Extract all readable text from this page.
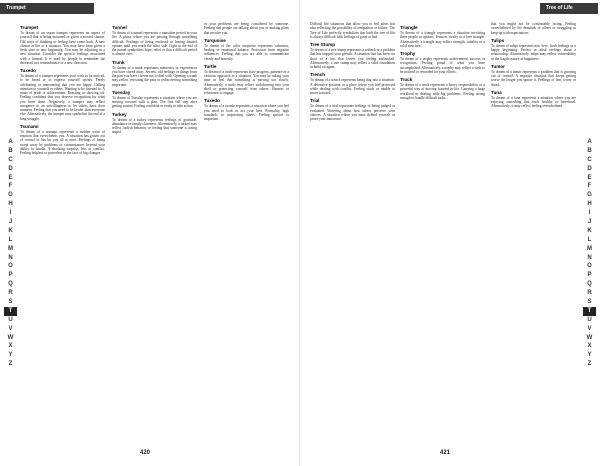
Trumpet
A
B
C
D
E
F
G
H
I
J
K
L
M
N
O
P
Q
R
S
T
U
V
W
X
Y
Z
Trumpet

To dream of an organ trumpet represents an aspect of yourself that is being mourned or given a second chance. Old ways of thinking or feeling have come back. A new chance at life or a situation. You may have been given a fresh start or new beginning. You may be adjusting to a new situation. Consider the specific feelings associated with a funeral. It is used by people to remember the deceased in a remembrance or a new direction.

Tuxedo

To dream of a trumpet represents your wish to be noticed, to be heard or to express yourself openly. Freely celebrating or announcing that you are happy. Calling attention to yourself or others. Wanting to be listened to. A sense of pride or achievement. Boasting or showing off. Feeling confident that you deserve recognition for what you have done. Negatively, a trumpet may reflect arrogance or an unwillingness to let others have their moment. Feeling that you need to be louder than everyone else. Alternatively, the trumpet may symbolize the end of a long struggle.

Tsunami

To dream of a tsunami represents a sudden wave of emotion that overwhelms you. A situation has gotten out of control or has hit you all at once. Feelings of being swept away by problems or circumstances beyond your ability to handle. A shocking surprise, loss or conflict. Feeling helpless or powerless in the face of big changes.

Tunnel

To dream of a tunnel represents a transition period in your life. A phase where you are passing through something difficult. Feelings of being enclosed or having limited options until you reach the other side. Light at the end of the tunnel symbolizes hope, relief or that a difficult period is almost over.

Trunk

To dream of a trunk represents memories or experiences you have stored away. Secrets, old feelings or things from the past you have chosen not to deal with. Opening a trunk may reflect revisiting the past or rediscovering something important.

Tuesday

To dream of Tuesday represents a situation where you are moving forward with a plan. The first full step after getting started. Feeling confident or ready to take action.

Turkey

To dream of a turkey represents feelings of gratitude, abundance or family closeness. Alternatively, a turkey may reflect foolish behavior or feeling that someone is acting stupid.

or your problems are being considered by someone. Feeling that people are talking about you or making plans that involve you.

Turquoise

To dream of the color turquoise represents calmness, healing or emotional balance. Protection from negative influences. Feeling that you are able to communicate clearly and honestly.

Turtle

To dream of a turtle represents slow progress, patience or a cautious approach to a situation. You may be taking your time or feel that something is moving too slowly. Alternatively, a turtle may reflect withdrawing into your shell or protecting yourself from others. Shyness or reluctance to engage.

Tuxedo

To dream of a tuxedo represents a situation where you feel you need to look or act your best. Formality, high standards or impressing others. Feeling special or important.

420
Tree of Life
A
B
C
D
E
F
G
H
I
J
K
L
M
N
O
P
Q
R
S
T
U
V
W
X
Y
Z

Difficult life situations that allow you to feel alive, but also reflecting the possibility of temptation or failure. The Tree of Life perfectly symbolizes that both the tree of life is always difficult with feelings of good or bad.

Tree Stump

To dream of a tree stump represents a setback or a problem that has stopped your growth. A situation that has been cut short or a loss that leaves you feeling unfinished. Alternatively, a tree stump may reflect a solid foundation to build on again.

Trench

To dream of a trench represents being dug into a situation. A defensive position or a place where you feel protected while dealing with conflict. Feeling stuck or unable to move forward.

Trial

To dream of a trial represents feelings of being judged or evaluated. Worrying about how others perceive your choices. A situation where you must defend yourself or prove your innocence.

Triangle

To dream of a triangle represents a situation involving three people or options. Tension, rivalry or a love triangle. Alternatively, a triangle may reflect strength, stability or a solid structure.

Trophy

To dream of a trophy represents achievement, success or recognition. Feeling proud of what you have accomplished. Alternatively, a trophy may reflect a wish to be noticed or rewarded for your efforts.

Truck

To dream of a truck represents a heavy responsibility or a powerful way of moving forward in life. Carrying a large workload or dealing with big problems. Feeling strong enough to handle difficult tasks.

that you might not be comfortable facing. Feeling overwhelmed by the demands of others or struggling to keep up with expectations.

Tulips

To dream of tulips represents new love, fresh feelings or a happy beginning. Perfect or ideal feelings about a relationship. Alternatively, tulips may reflect vulnerability or the fragile nature of happiness.

Tumor

To dream of a tumor represents a problem that is growing out of control. A negative situation that keeps getting worse the longer you ignore it. Feelings of fear, worry or dread.

Tuna

To dream of a tuna represents a situation where you are enjoying something that feels healthy or beneficial. Alternatively, it may reflect feeling overwhelmed.

421
